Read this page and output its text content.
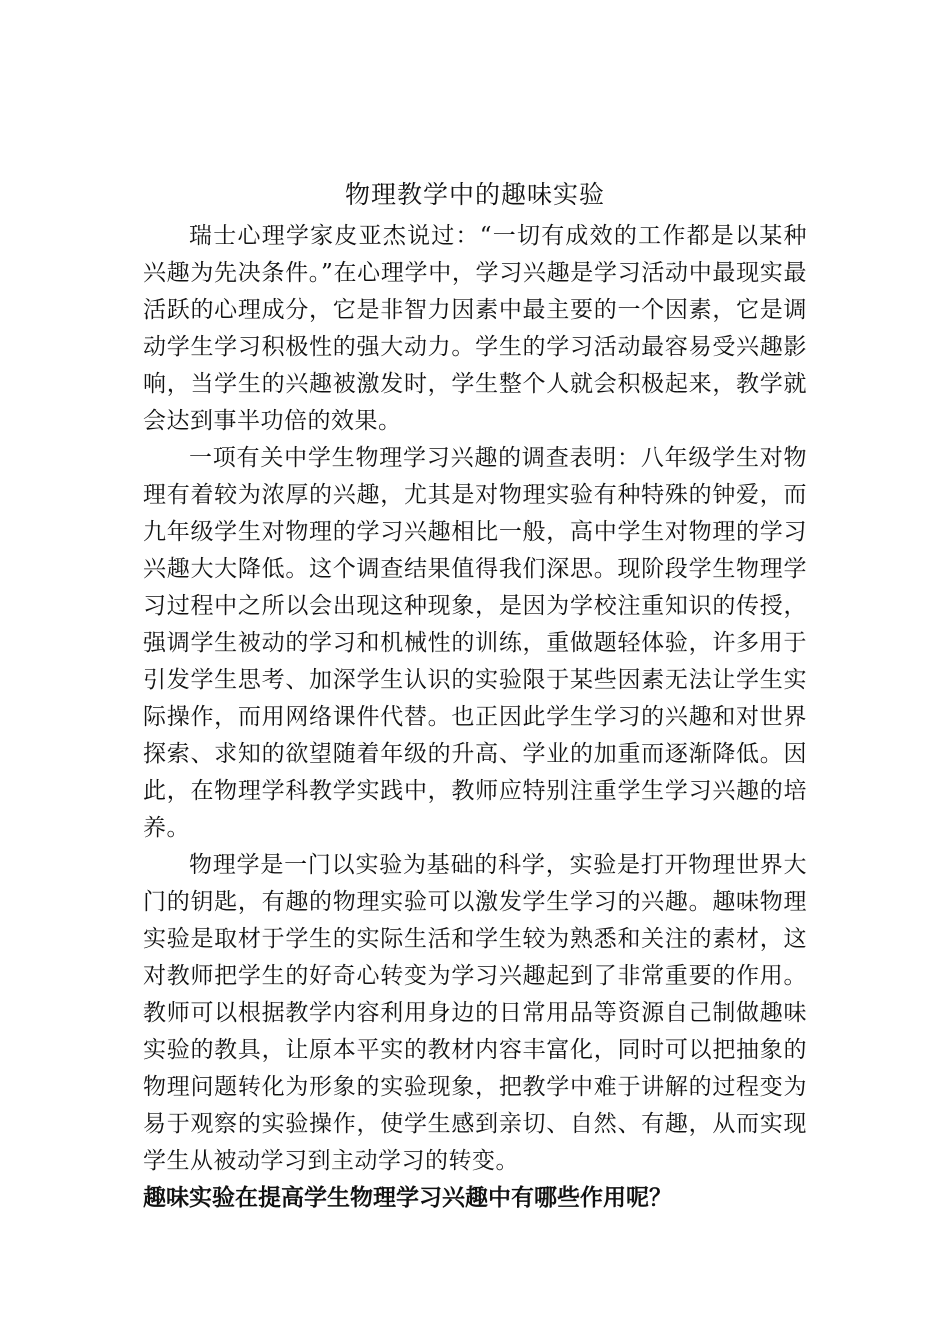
物理教学中的趣味实验

瑞士心理学家皮亚杰说过：“一切有成效的工作都是以某种兴趣为先决条件。”在心理学中，学习兴趣是学习活动中最现实最活跃的心理成分，它是非智力因素中最主要的一个因素，它是调动学生学习积极性的强大动力。学生的学习活动最容易受兴趣影响，当学生的兴趣被激发时，学生整个人就会积极起来，教学就会达到事半功倍的效果。

一项有关中学生物理学习兴趣的调查表明：八年级学生对物理有着较为浓厚的兴趣，尤其是对物理实验有种特殊的钟爱，而九年级学生对物理的学习兴趣相比一般，高中学生对物理的学习兴趣大大降低。这个调查结果值得我们深思。现阶段学生物理学习过程中之所以会出现这种现象，是因为学校注重知识的传授，强调学生被动的学习和机械性的训练，重做题轻体验，许多用于引发学生思考、加深学生认识的实验限于某些因素无法让学生实际操作，而用网络课件代替。也正因此学生学习的兴趣和对世界探索、求知的欲望随着年级的升高、学业的加重而逐渐降低。因此，在物理学科教学实践中，教师应特别注重学生学习兴趣的培养。

物理学是一门以实验为基础的科学，实验是打开物理世界大门的钥匙，有趣的物理实验可以激发学生学习的兴趣。趣味物理实验是取材于学生的实际生活和学生较为熟悉和关注的素材，这对教师把学生的好奇心转变为学习兴趣起到了非常重要的作用。教师可以根据教学内容利用身边的日常用品等资源自己制做趣味实验的教具，让原本平实的教材内容丰富化，同时可以把抽象的物理问题转化为形象的实验现象，把教学中难于讲解的过程变为易于观察的实验操作，使学生感到亲切、自然、有趣，从而实现学生从被动学习到主动学习的转变。

趣味实验在提高学生物理学习兴趣中有哪些作用呢？
